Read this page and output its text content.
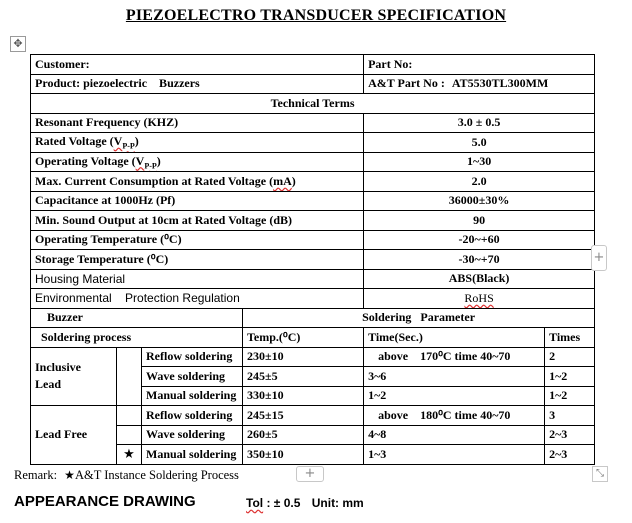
PIEZOELECTRO TRANSDUCER SPECIFICATION
✥
Customer:				Part No:	
Product: piezoelectric    Buzzers				A&T Part No : AT5530TL300MM	
Technical Terms					
Resonant Frequency (KHZ)				3.0 ± 0.5	
Rated Voltage $(V_{P-P})$				5.0	
Operating Voltage $(V_{P-P})$				1~30	
Max. Current Consumption at Rated Voltage (mA)				2.0	
Capacitance at 1000Hz (Pf)				36000±30%	
Min. Sound Output at 10cm at Rated Voltage (dB)				90	
Operating Temperature (⁰C)				-20~+60	
Storage Temperature (⁰C)				-30~+70	
Housing Material				ABS(Black)	
Environmental    Protection Regulation				RoHS	
Buzzer			Soldering   Parameter		
Soldering process			Temp.(⁰C)	Time(Sec.)	Times

Inclusive
Lead		Reflow soldering	230±10	above    170⁰C time 40~70	2
		Wave soldering	245±5	3~6	1~2
		Manual soldering	330±10	1~2	1~2
Lead Free		Reflow soldering	245±15	above    180⁰C time 40~70	3
		Wave soldering	260±5	4~8	2~3
	★	Manual soldering	350±10	1~3	2~3
+
+	⤡
Remark: ★A&T Instance Soldering Process
APPEARANCE DRAWING	Tol : ± 0.5 Unit: mm
